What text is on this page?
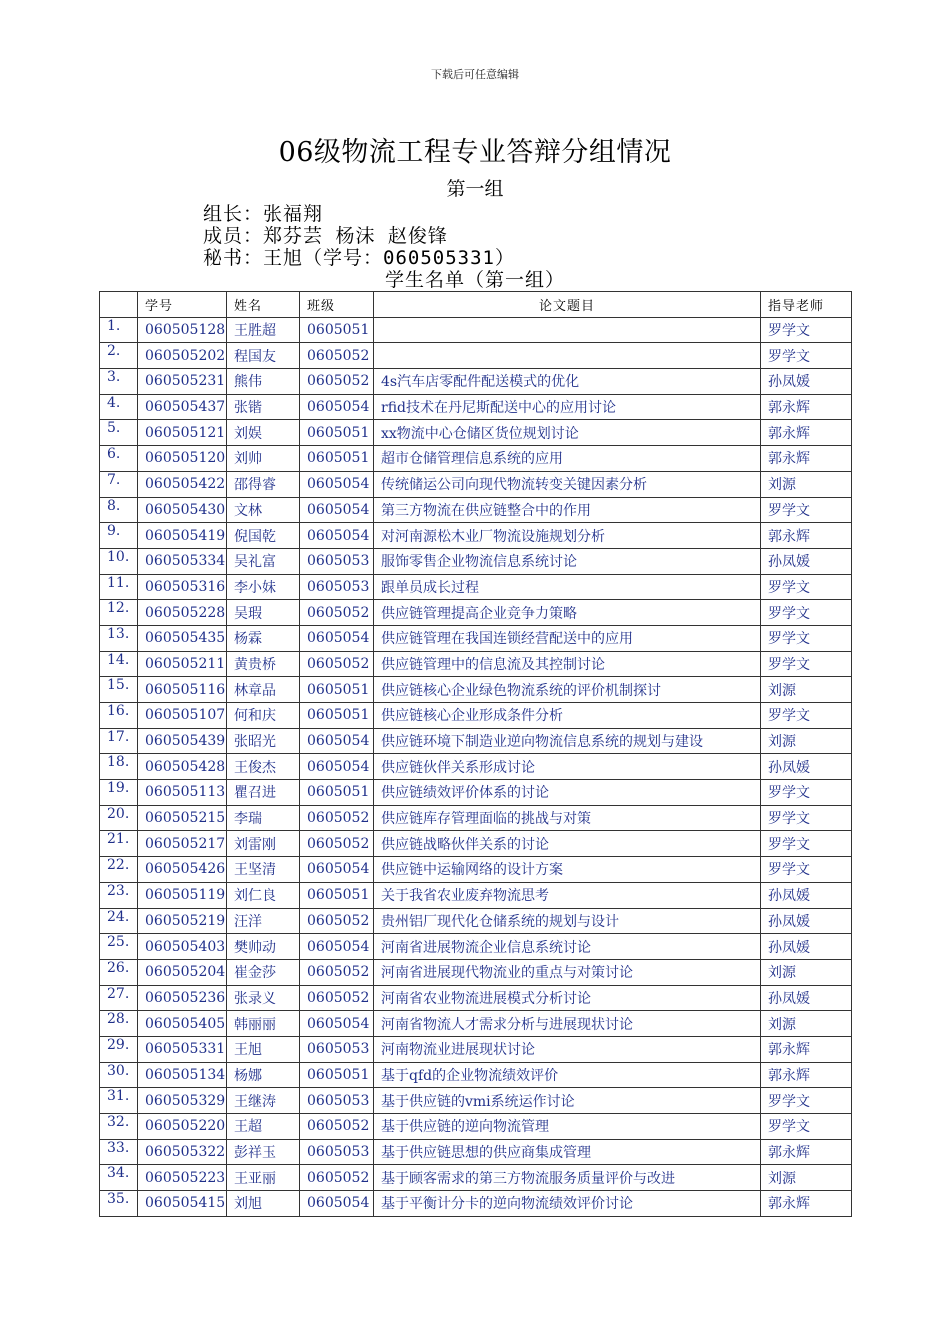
下载后可任意编辑
06级物流工程专业答辩分组情况
第一组
组长：张福翔
成员：郑芬芸 杨沫 赵俊锋
秘书：王旭（学号：060505331）
学生名单（第一组）
	学号	姓名	班级	论文题目	指导老师
1.	060505128	王胜超	0605051		罗学文
2.	060505202	程国友	0605052		罗学文
3.	060505231	熊伟	0605052	4s汽车店零配件配送模式的优化	孙凤媛
4.	060505437	张锴	0605054	rfid技术在丹尼斯配送中心的应用讨论	郭永辉
5.	060505121	刘娱	0605051	xx物流中心仓储区货位规划讨论	郭永辉
6.	060505120	刘帅	0605051	超市仓储管理信息系统的应用	郭永辉
7.	060505422	邵得睿	0605054	传统储运公司向现代物流转变关键因素分析	刘源
8.	060505430	文林	0605054	第三方物流在供应链整合中的作用	罗学文
9.	060505419	倪国乾	0605054	对河南源松木业厂物流设施规划分析	郭永辉
10.	060505334	吴礼富	0605053	服饰零售企业物流信息系统讨论	孙凤媛
11.	060505316	李小妹	0605053	跟单员成长过程	罗学文
12.	060505228	吴瑕	0605052	供应链管理提高企业竞争力策略	罗学文
13.	060505435	杨霖	0605054	供应链管理在我国连锁经营配送中的应用	罗学文
14.	060505211	黄贵桥	0605052	供应链管理中的信息流及其控制讨论	罗学文
15.	060505116	林章品	0605051	供应链核心企业绿色物流系统的评价机制探讨	刘源
16.	060505107	何和庆	0605051	供应链核心企业形成条件分析	罗学文
17.	060505439	张昭光	0605054	供应链环境下制造业逆向物流信息系统的规划与建设	刘源
18.	060505428	王俊杰	0605054	供应链伙伴关系形成讨论	孙凤媛
19.	060505113	瞿召进	0605051	供应链绩效评价体系的讨论	罗学文
20.	060505215	李瑞	0605052	供应链库存管理面临的挑战与对策	罗学文
21.	060505217	刘雷刚	0605052	供应链战略伙伴关系的讨论	罗学文
22.	060505426	王坚清	0605054	供应链中运输网络的设计方案	罗学文
23.	060505119	刘仁良	0605051	关于我省农业废弃物流思考	孙凤媛
24.	060505219	汪洋	0605052	贵州铝厂现代化仓储系统的规划与设计	孙凤媛
25.	060505403	樊帅动	0605054	河南省进展物流企业信息系统讨论	孙凤媛
26.	060505204	崔金莎	0605052	河南省进展现代物流业的重点与对策讨论	刘源
27.	060505236	张录义	0605052	河南省农业物流进展模式分析讨论	孙凤媛
28.	060505405	韩丽丽	0605054	河南省物流人才需求分析与进展现状讨论	刘源
29.	060505331	王旭	0605053	河南物流业进展现状讨论	郭永辉
30.	060505134	杨娜	0605051	基于qfd的企业物流绩效评价	郭永辉
31.	060505329	王继涛	0605053	基于供应链的vmi系统运作讨论	罗学文
32.	060505220	王超	0605052	基于供应链的逆向物流管理	罗学文
33.	060505322	彭祥玉	0605053	基于供应链思想的供应商集成管理	郭永辉
34.	060505223	王亚丽	0605052	基于顾客需求的第三方物流服务质量评价与改进	刘源
35.	060505415	刘旭	0605054	基于平衡计分卡的逆向物流绩效评价讨论	郭永辉
